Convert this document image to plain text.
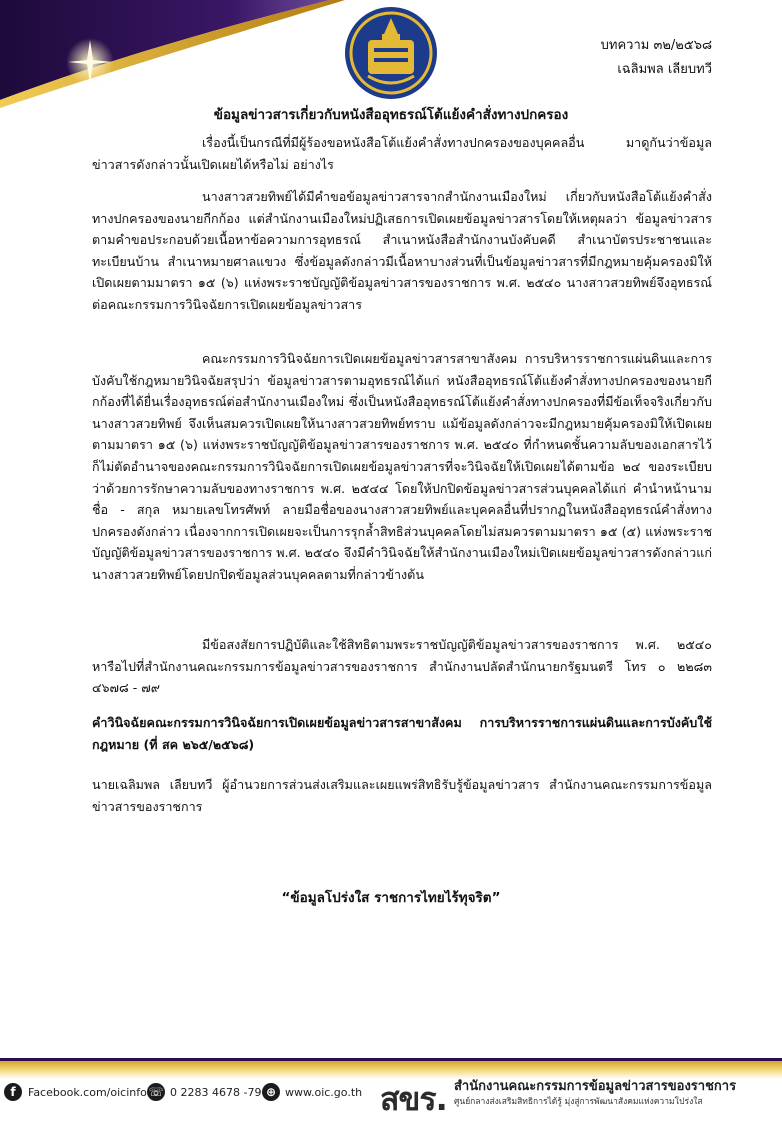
บทความ ๓๒/๒๕๖๘
เฉลิมพล เลียบทวี
ข้อมูลข่าวสารเกี่ยวกับหนังสืออุทธรณ์โต้แย้งคำสั่งทางปกครอง

เรื่องนี้เป็นกรณีที่มีผู้ร้องขอหนังสือโต้แย้งคำสั่งทางปกครองของบุคคลอื่น มาดูกันว่าข้อมูลข่าวสารดังกล่าวนั้นเปิดเผยได้หรือไม่ อย่างไร

นางสาวสวยทิพย์ได้มีคำขอข้อมูลข่าวสารจากสำนักงานเมืองใหม่ เกี่ยวกับหนังสือโต้แย้งคำสั่งทางปกครองของนายกีกก้อง แต่สำนักงานเมืองใหม่ปฏิเสธการเปิดเผยข้อมูลข่าวสารโดยให้เหตุผลว่า ข้อมูลข่าวสารตามคำขอประกอบด้วยเนื้อหาข้อความการอุทธรณ์ สำเนาหนังสือสำนักงานบังคับคดี สำเนาบัตรประชาชนและทะเบียนบ้าน สำเนาหมายศาลแขวง ซึ่งข้อมูลดังกล่าวมีเนื้อหาบางส่วนที่เป็นข้อมูลข่าวสารที่มีกฎหมายคุ้มครองมิให้เปิดเผยตามมาตรา ๑๕ (๖) แห่งพระราชบัญญัติข้อมูลข่าวสารของราชการ พ.ศ. ๒๕๔๐ นางสาวสวยทิพย์จึงอุทธรณ์ต่อคณะกรรมการวินิจฉัยการเปิดเผยข้อมูลข่าวสาร

คณะกรรมการวินิจฉัยการเปิดเผยข้อมูลข่าวสารสาขาสังคม การบริหารราชการแผ่นดินและการบังคับใช้กฎหมายวินิจฉัยสรุปว่า ข้อมูลข่าวสารตามอุทธรณ์ได้แก่ หนังสืออุทธรณ์โต้แย้งคำสั่งทางปกครองของนายกีกก้องที่ได้ยื่นเรื่องอุทธรณ์ต่อสำนักงานเมืองใหม่ ซึ่งเป็นหนังสืออุทธรณ์โต้แย้งคำสั่งทางปกครองที่มีข้อเท็จจริงเกี่ยวกับนางสาวสวยทิพย์ จึงเห็นสมควรเปิดเผยให้นางสาวสวยทิพย์ทราบ แม้ข้อมูลดังกล่าวจะมีกฎหมายคุ้มครองมิให้เปิดเผยตามมาตรา ๑๕ (๖) แห่งพระราชบัญญัติข้อมูลข่าวสารของราชการ พ.ศ. ๒๕๔๐ ที่กำหนดชั้นความลับของเอกสารไว้ก็ไม่ตัดอำนาจของคณะกรรมการวินิจฉัยการเปิดเผยข้อมูลข่าวสารที่จะวินิจฉัยให้เปิดเผยได้ตามข้อ ๒๔ ของระเบียบว่าด้วยการรักษาความลับของทางราชการ พ.ศ. ๒๕๔๔ โดยให้ปกปิดข้อมูลข่าวสารส่วนบุคคลได้แก่ คำนำหน้านาม ชื่อ - สกุล หมายเลขโทรศัพท์ ลายมือชื่อของนางสาวสวยทิพย์และบุคคลอื่นที่ปรากฏในหนังสืออุทธรณ์คำสั่งทางปกครองดังกล่าว เนื่องจากการเปิดเผยจะเป็นการรุกล้ำสิทธิส่วนบุคคลโดยไม่สมควรตามมาตรา ๑๕ (๕) แห่งพระราชบัญญัติข้อมูลข่าวสารของราชการ พ.ศ. ๒๕๔๐ จึงมีคำวินิจฉัยให้สำนักงานเมืองใหม่เปิดเผยข้อมูลข่าวสารดังกล่าวแก่นางสาวสวยทิพย์โดยปกปิดข้อมูลส่วนบุคคลตามที่กล่าวข้างต้น

มีข้อสงสัยการปฏิบัติและใช้สิทธิตามพระราชบัญญัติข้อมูลข่าวสารของราชการ พ.ศ. ๒๕๔๐ หารือไปที่สำนักงานคณะกรรมการข้อมูลข่าวสารของราชการ สำนักงานปลัดสำนักนายกรัฐมนตรี โทร ๐ ๒๒๘๓ ๔๖๗๘ - ๗๙

คำวินิจฉัยคณะกรรมการวินิจฉัยการเปิดเผยข้อมูลข่าวสารสาขาสังคม การบริหารราชการแผ่นดินและการบังคับใช้กฎหมาย (ที่ สค ๒๖๕/๒๕๖๘)

นายเฉลิมพล เลียบทวี ผู้อำนวยการส่วนส่งเสริมและเผยแพร่สิทธิรับรู้ข้อมูลข่าวสาร สำนักงานคณะกรรมการข้อมูลข่าวสารของราชการ

“ข้อมูลโปร่งใส ราชการไทยไร้ทุจริต”
f	Facebook.com/oicinfo ☏ 0 2283 4678 -79 ⊕ www.oic.go.th สขร. สำนักงานคณะกรรมการข้อมูลข่าวสารของราชการ
ศูนย์กลางส่งเสริมสิทธิการได้รู้ มุ่งสู่การพัฒนาสังคมแห่งความโปร่งใส
